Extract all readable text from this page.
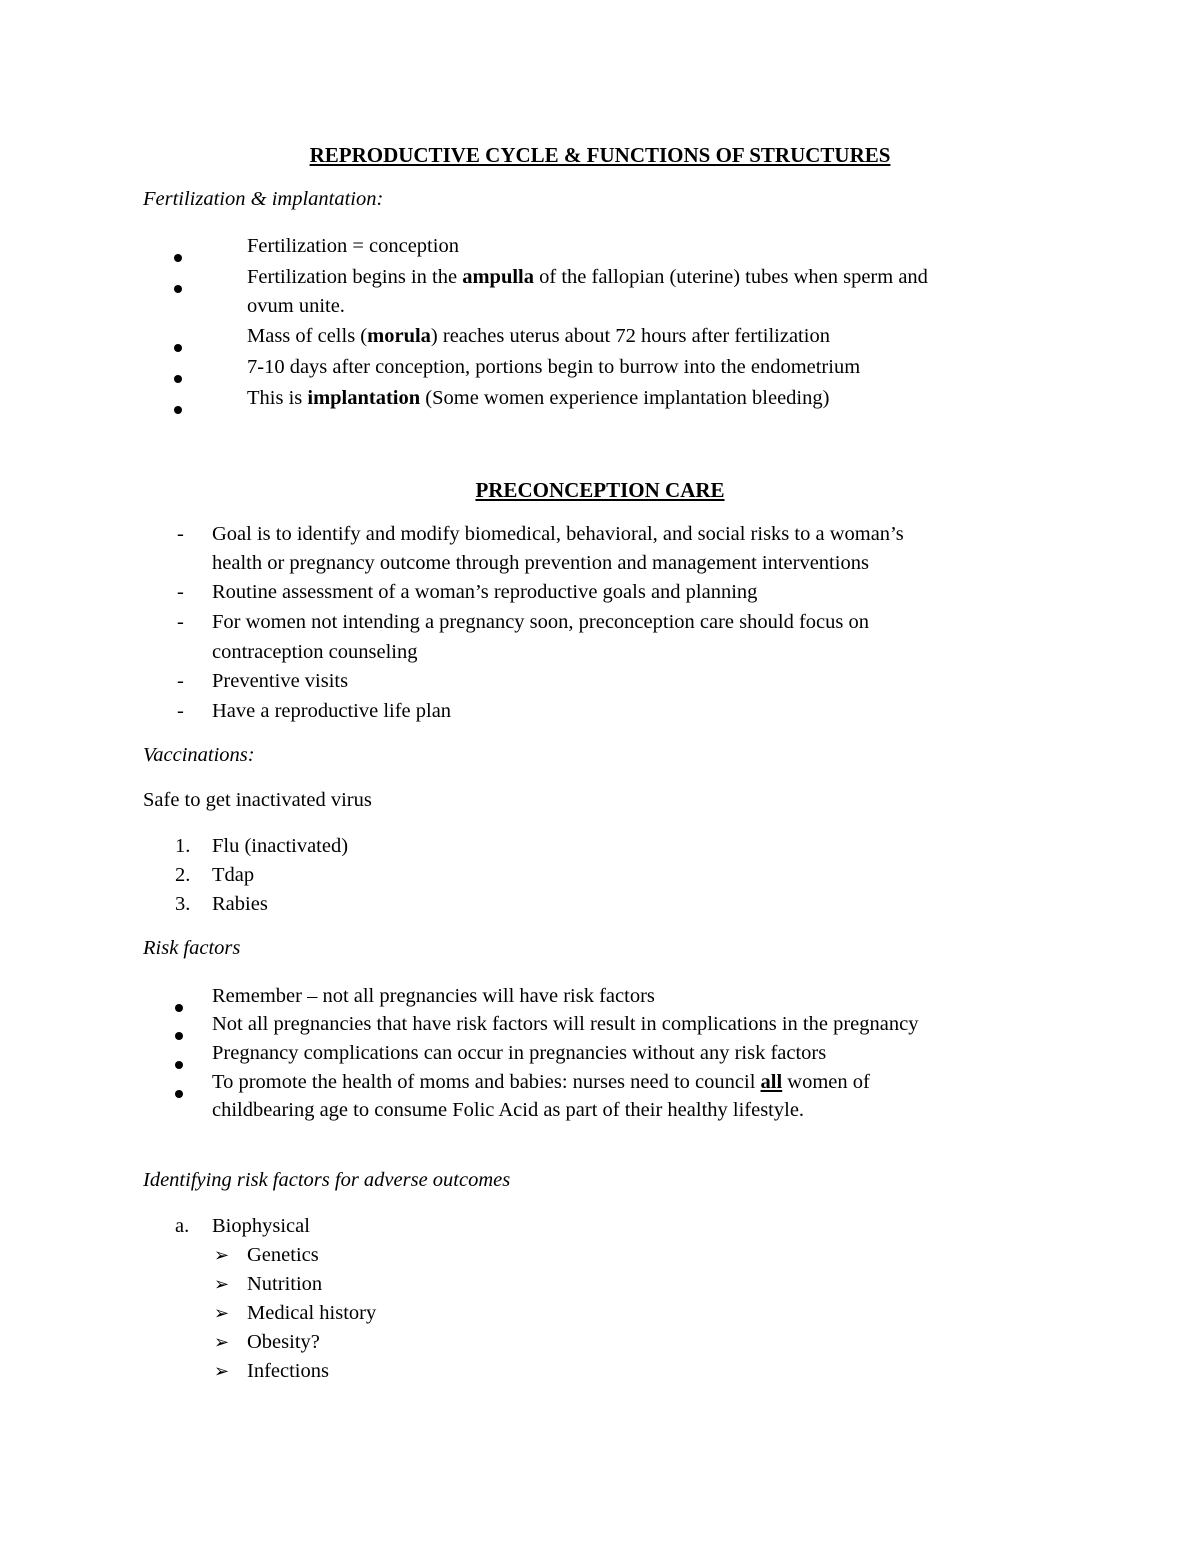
REPRODUCTIVE CYCLE & FUNCTIONS OF STRUCTURES
Fertilization & implantation:
Fertilization = conception
Fertilization begins in the ampulla of the fallopian (uterine) tubes when sperm and
ovum unite.
Mass of cells (morula) reaches uterus about 72 hours after fertilization
7-10 days after conception, portions begin to burrow into the endometrium
This is implantation (Some women experience implantation bleeding)
PRECONCEPTION CARE
- Goal is to identify and modify biomedical, behavioral, and social risks to a woman’s
health or pregnancy outcome through prevention and management interventions
- Routine assessment of a woman’s reproductive goals and planning
- For women not intending a pregnancy soon, preconception care should focus on
contraception counseling
- Preventive visits
- Have a reproductive life plan
Vaccinations:
Safe to get inactivated virus
1. Flu (inactivated)
2. Tdap
3. Rabies
Risk factors
Remember – not all pregnancies will have risk factors
Not all pregnancies that have risk factors will result in complications in the pregnancy
Pregnancy complications can occur in pregnancies without any risk factors
To promote the health of moms and babies: nurses need to council all women of
childbearing age to consume Folic Acid as part of their healthy lifestyle.
Identifying risk factors for adverse outcomes
a. Biophysical
➢ Genetics
➢ Nutrition
➢ Medical history
➢ Obesity?
➢ Infections
